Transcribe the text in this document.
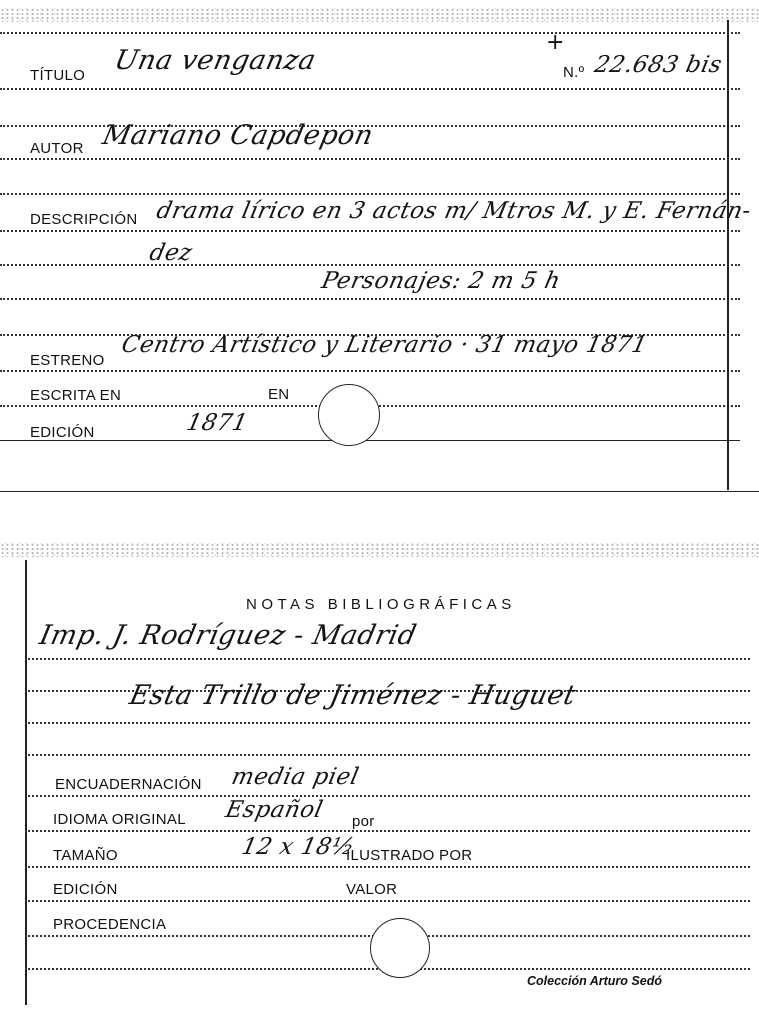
TÍTULO Una venganza
+
N.º 22.683 bis
AUTOR Mariano Capdepon
DESCRIPCIÓN drama lírico en 3 actos m/ Mtros M. y E. Fernán-
dez
Personajes: 2 m 5 h
ESTRENO
Centro Artístico y Literario · 31 mayo 1871
ESCRITA EN	EN
EDICIÓN	1871
NOTAS BIBLIOGRÁFICAS
Imp. J. Rodríguez - Madrid
Esta Trillo de Jiménez - Huguet
ENCUADERNACIÓN media piel
IDIOMA ORIGINAL Español por
TAMAÑO	12 x 18½
ILUSTRADO POR
EDICIÓN	VALOR
PROCEDENCIA
Colección Arturo Sedó
